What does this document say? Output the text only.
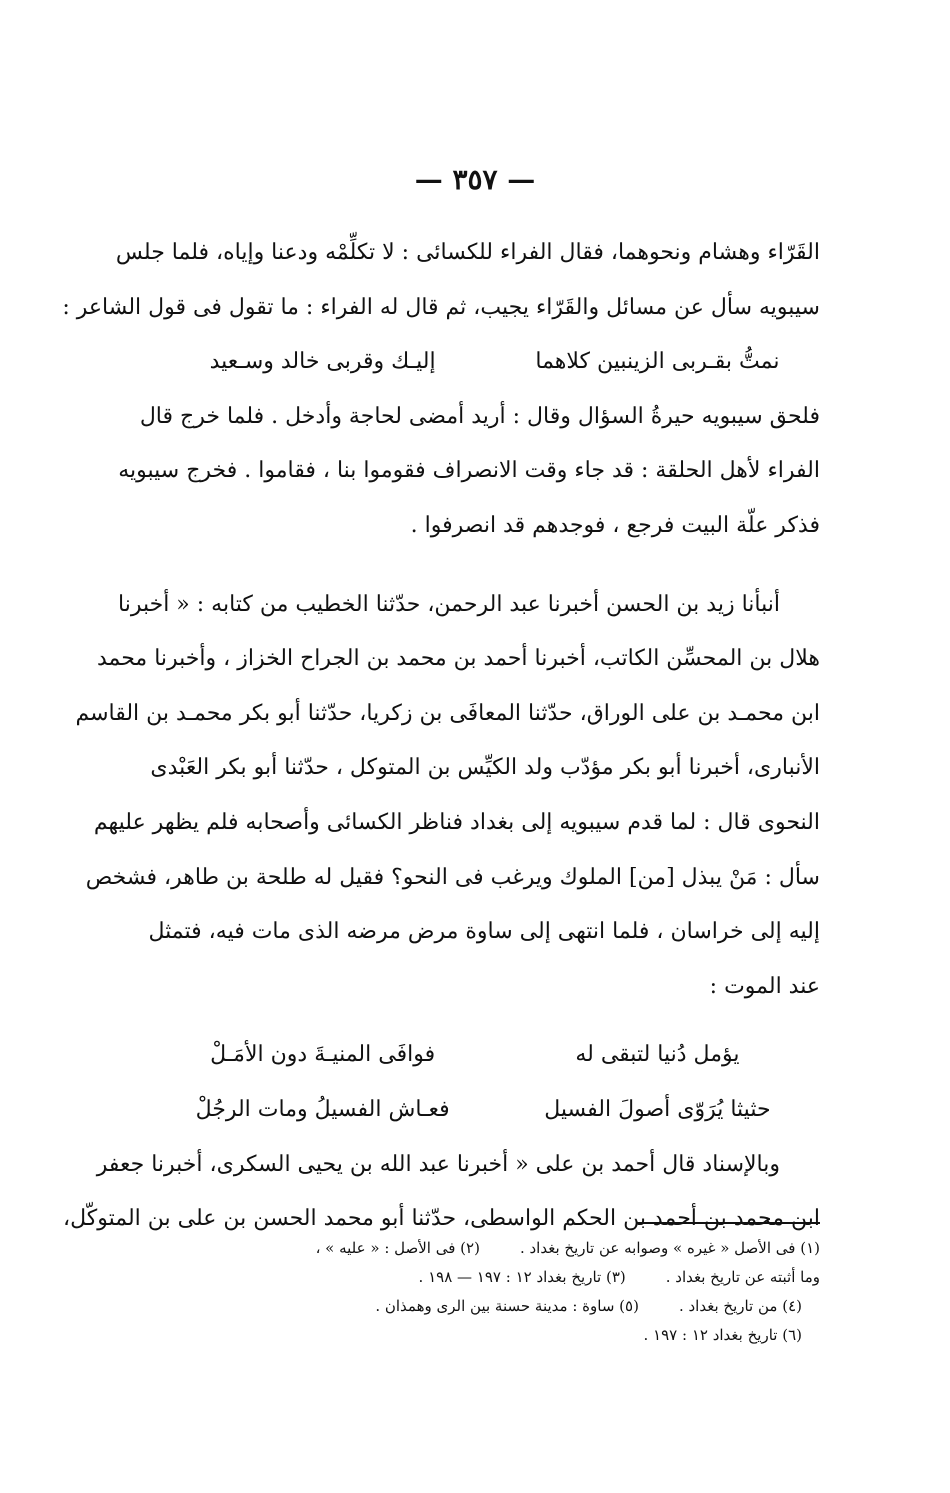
— ٣٥٧ —
القَرّاء وهشام ونحوهما، فقال الفراء للكسائى : لا تكلِّمْه ودعنا وإياه، فلما جلس
سيبويه سأل عن مسائل والقَرّاء يجيب، ثم قال له الفراء : ما تقول فى قول الشاعر :
نمتُّ بقـربى الزينبين كلاهما
إليـك وقربى خالد وسـعيد
فلحق سيبويه حيرةُ السؤال وقال : أريد أمضى لحاجة وأدخل . فلما خرج قال
الفراء لأهل الحلقة : قد جاء وقت الانصراف فقوموا بنا ، فقاموا . فخرج سيبويه
فذكر علّة البيت فرجع ، فوجدهم قد انصرفوا .
أنبأنا زيد بن الحسن أخبرنا عبد الرحمن، حدّثنا الخطيب من كتابه : « أخبرنا
هلال بن المحسِّن الكاتب، أخبرنا أحمد بن محمد بن الجراح الخزاز ، وأخبرنا محمد
ابن محمـد بن على الوراق، حدّثنا المعافَى بن زكريا، حدّثنا أبو بكر محمـد بن القاسم
الأنبارى، أخبرنا أبو بكر مؤدّب ولد الكيِّس بن المتوكل ، حدّثنا أبو بكر العَبْدى
النحوى قال : لما قدم سيبويه إلى بغداد فناظر الكسائى وأصحابه فلم يظهر عليهم
سأل : مَنْ يبذل [من] الملوك ويرغب فى النحو؟ فقيل له طلحة بن طاهر، فشخص
إليه إلى خراسان ، فلما انتهى إلى ساوة مرض مرضه الذى مات فيه، فتمثل
عند الموت :
يؤمل دُنيا لتبقى له
فوافَى المنيـةَ دون الأمَـلْ
حثيثا يُرَوّى أصولَ الفسيل
فعـاش الفسيلُ ومات الرجُلْ
وبالإسناد قال أحمد بن على « أخبرنا عبد الله بن يحيى السكرى، أخبرنا جعفر
ابن محمد بن أحمد بن الحكم الواسطى، حدّثنا أبو محمد الحسن بن على بن المتوكّل،
(١) فى الأصل « غيره » وصوابه عن تاريخ بغداد .
(٢) فى الأصل : « عليه » ،
وما أثبته عن تاريخ بغداد .
(٣) تاريخ بغداد ١٢ : ١٩٧ — ١٩٨ .
(٤) من تاريخ بغداد .
(٥) ساوة : مدينة حسنة بين الرى وهمذان .
(٦) تاريخ بغداد ١٢ : ١٩٧ .
